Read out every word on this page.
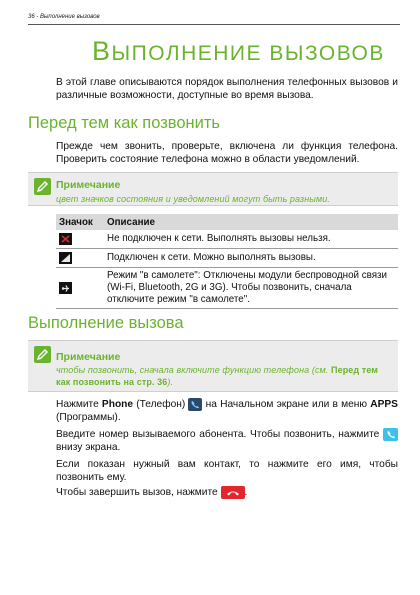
36 - Выполнение вызовов
ВЫПОЛНЕНИЕ ВЫЗОВОВ

В этой главе описываются порядок выполнения телефонных вызовов и различные возможности, доступные во время вызова.

Перед тем как позвонить

Прежде чем звонить, проверьте, включена ли функция телефона. Проверить состояние телефона можно в области уведомлений.

Примечание
цвет значков состояния и уведомлений могут быть разными.
Значок	Описание

	Не подключен к сети. Выполнять вызовы нельзя.

	Подключен к сети. Можно выполнять вызовы.

	Режим "в самолете": Отключены модули беспроводной связи (Wi-Fi, Bluetooth, 2G и 3G). Чтобы позвонить, сначала отключите режим "в самолете".
Выполнение вызова
Примечание
чтобы позвонить, сначала включите функцию телефона (см. Перед тем как позвонить на стр. 36).

Нажмите Phone (Телефон)  на Начальном экране или в меню APPS (Программы).

Введите номер вызываемого абонента. Чтобы позвонить, нажмите  внизу экрана.

Если показан нужный вам контакт, то нажмите его имя, чтобы позвонить ему.

Чтобы завершить вызов, нажмите .
